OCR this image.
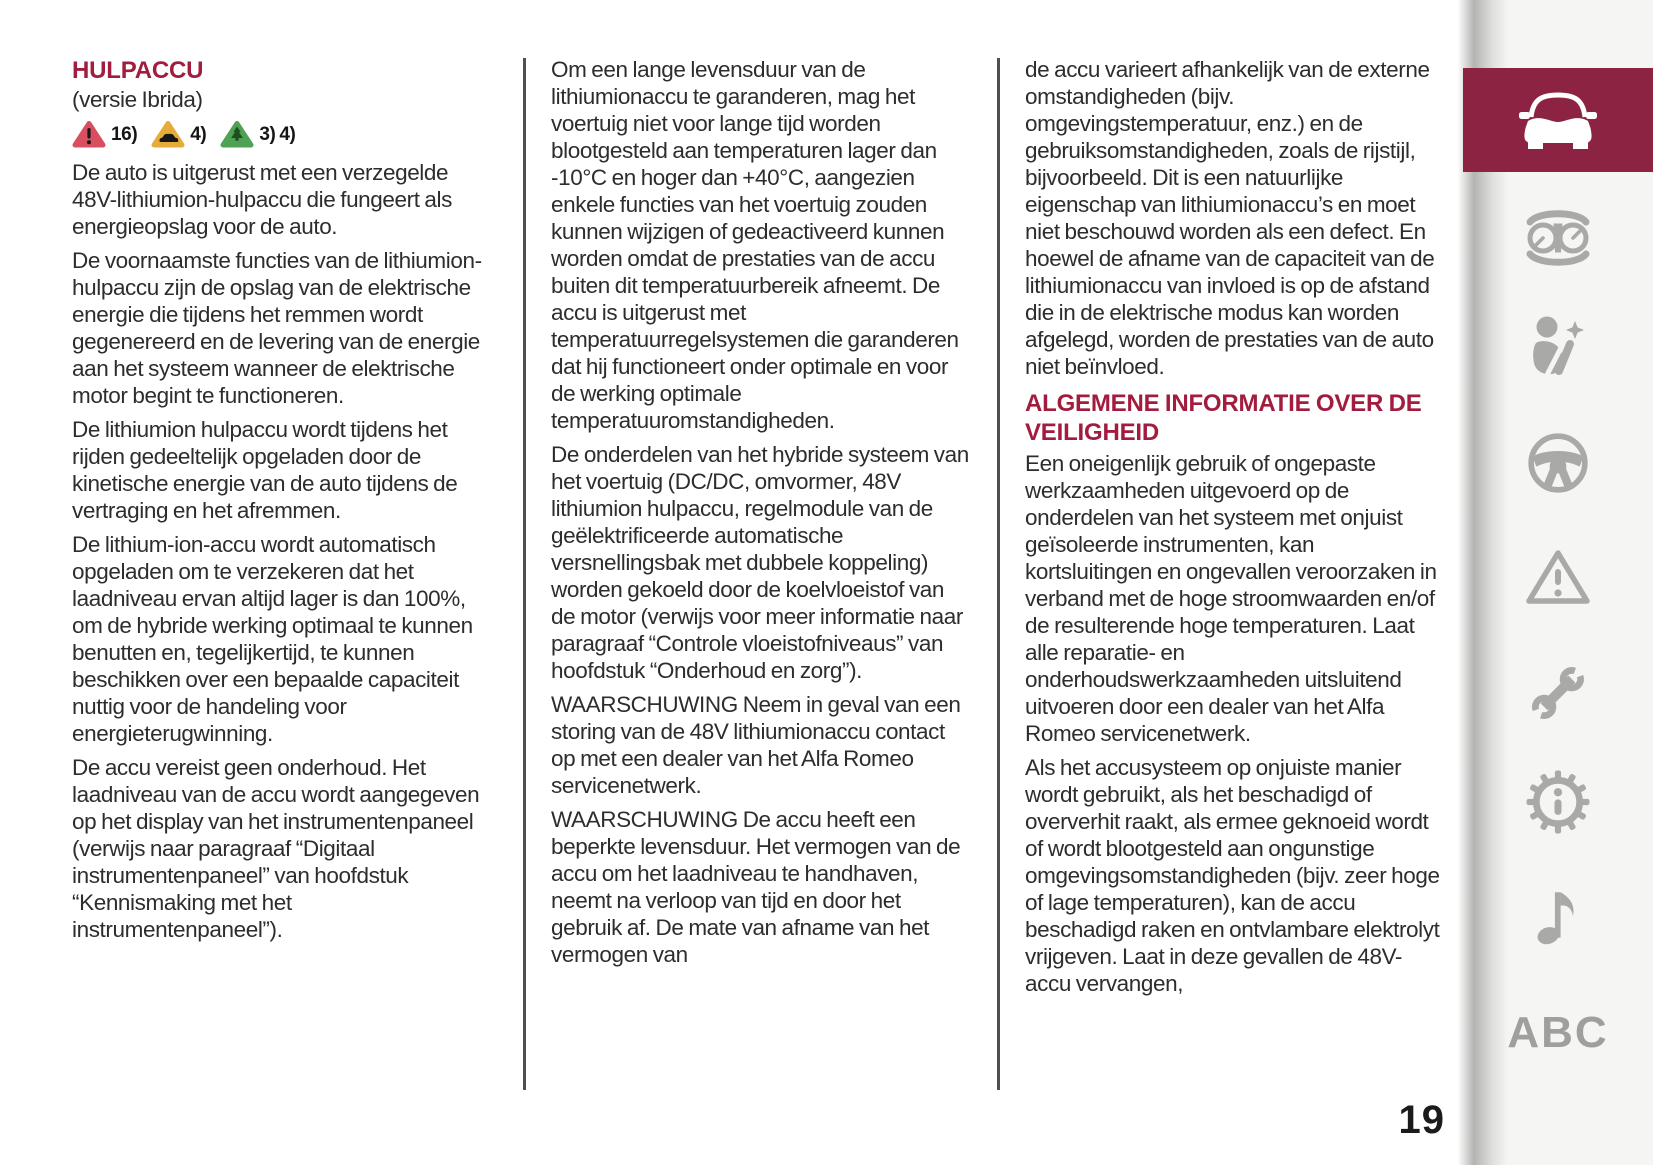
ABC
HULPACCU
(versie Ibrida)
16)	4)	3) 4)

De auto is uitgerust met een verzegelde 48V-lithiumion-hulpaccu die fungeert als energieopslag voor de auto.

De voornaamste functies van de lithiumion-hulpaccu zijn de opslag van de elektrische energie die tijdens het remmen wordt gegenereerd en de levering van de energie aan het systeem wanneer de elektrische motor begint te functioneren.

De lithiumion hulpaccu wordt tijdens het rijden gedeeltelijk opgeladen door de kinetische energie van de auto tijdens de vertraging en het afremmen.

De lithium-ion-accu wordt automatisch opgeladen om te verzekeren dat het laadniveau ervan altijd lager is dan 100%, om de hybride werking optimaal te kunnen benutten en, tegelijkertijd, te kunnen beschikken over een bepaalde capaciteit nuttig voor de handeling voor energieterugwinning.

De accu vereist geen onderhoud. Het laadniveau van de accu wordt aangegeven op het display van het instrumentenpaneel (verwijs naar paragraaf “Digitaal instrumentenpaneel” van hoofdstuk “Kennismaking met het instrumentenpaneel”).

Om een lange levensduur van de lithiumionaccu te garanderen, mag het voertuig niet voor lange tijd worden blootgesteld aan temperaturen lager dan -10°C en hoger dan +40°C, aangezien enkele functies van het voertuig zouden kunnen wijzigen of gedeactiveerd kunnen worden omdat de prestaties van de accu buiten dit temperatuurbereik afneemt. De accu is uitgerust met temperatuurregelsystemen die garanderen dat hij functioneert onder optimale en voor de werking optimale temperatuuromstandigheden.

De onderdelen van het hybride systeem van het voertuig (DC/DC, omvormer, 48V lithiumion hulpaccu, regelmodule van de geëlektrificeerde automatische versnellingsbak met dubbele koppeling) worden gekoeld door de koelvloeistof van de motor (verwijs voor meer informatie naar paragraaf “Controle vloeistofniveaus” van hoofdstuk “Onderhoud en zorg”).

WAARSCHUWING Neem in geval van een storing van de 48V lithiumionaccu contact op met een dealer van het Alfa Romeo servicenetwerk.

WAARSCHUWING De accu heeft een beperkte levensduur. Het vermogen van de accu om het laadniveau te handhaven, neemt na verloop van tijd en door het gebruik af. De mate van afname van het vermogen van

de accu varieert afhankelijk van de externe omstandigheden (bijv. omgevingstemperatuur, enz.) en de gebruiksomstandigheden, zoals de rijstijl, bijvoorbeeld. Dit is een natuurlijke eigenschap van lithiumionaccu’s en moet niet beschouwd worden als een defect. En hoewel de afname van de capaciteit van de lithiumionaccu van invloed is op de afstand die in de elektrische modus kan worden afgelegd, worden de prestaties van de auto niet beïnvloed.

ALGEMENE INFORMATIE OVER DE VEILIGHEID

Een oneigenlijk gebruik of ongepaste werkzaamheden uitgevoerd op de onderdelen van het systeem met onjuist geïsoleerde instrumenten, kan kortsluitingen en ongevallen veroorzaken in verband met de hoge stroomwaarden en/of de resulterende hoge temperaturen. Laat alle reparatie- en onderhoudswerkzaamheden uitsluitend uitvoeren door een dealer van het Alfa Romeo servicenetwerk.

Als het accusysteem op onjuiste manier wordt gebruikt, als het beschadigd of oververhit raakt, als ermee geknoeid wordt of wordt blootgesteld aan ongunstige omgevingsomstandigheden (bijv. zeer hoge of lage temperaturen), kan de accu beschadigd raken en ontvlambare elektrolyt vrijgeven. Laat in deze gevallen de 48V-accu vervangen,

19
